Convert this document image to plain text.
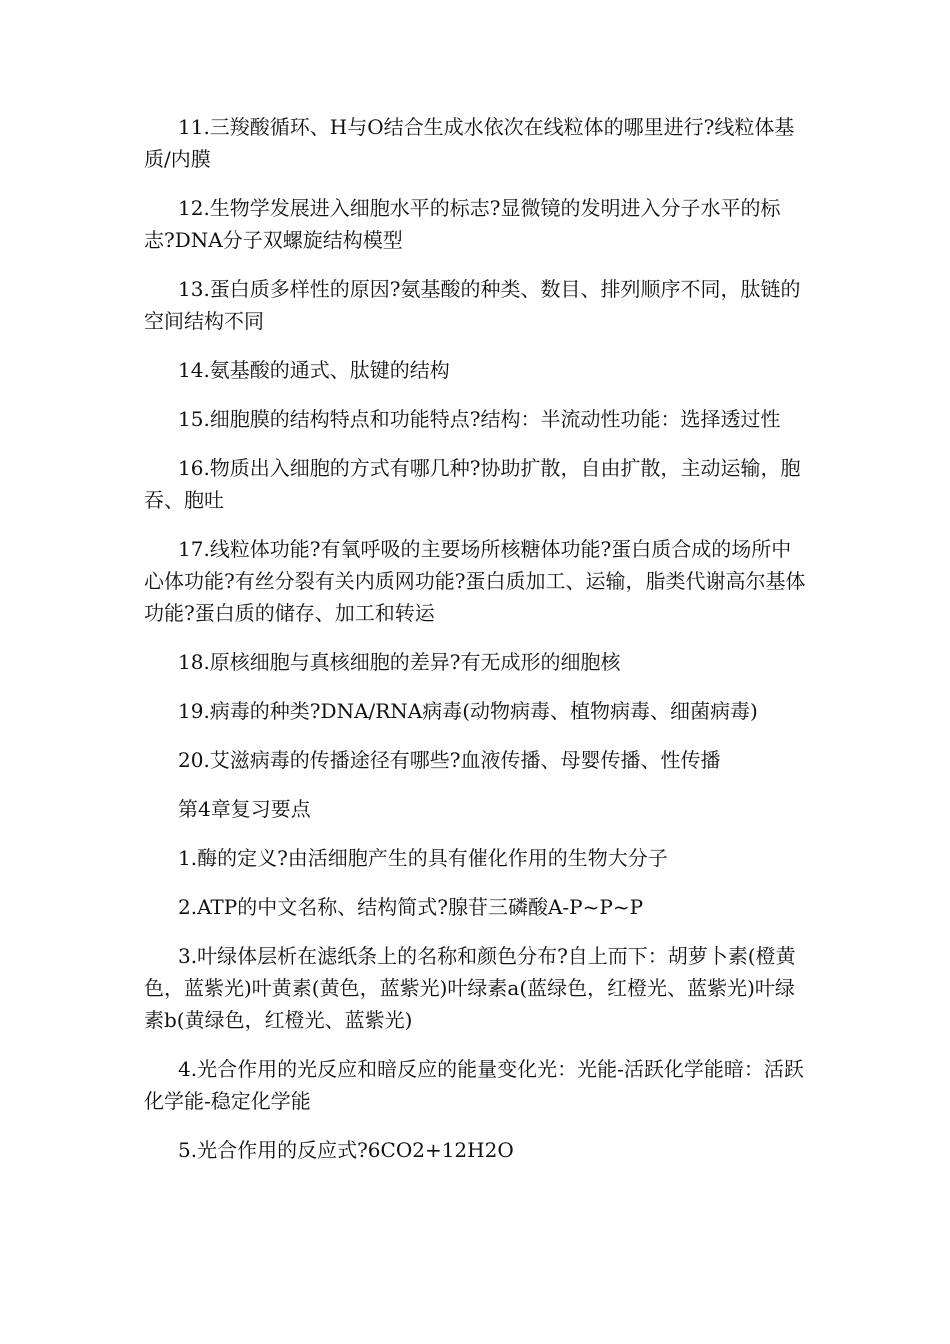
11.三羧酸循环、H与O结合生成水依次在线粒体的哪里进行?线粒体基质/内膜

12.生物学发展进入细胞水平的标志?显微镜的发明进入分子水平的标志?DNA分子双螺旋结构模型

13.蛋白质多样性的原因?氨基酸的种类、数目、排列顺序不同，肽链的空间结构不同

14.氨基酸的通式、肽键的结构

15.细胞膜的结构特点和功能特点?结构：半流动性功能：选择透过性

16.物质出入细胞的方式有哪几种?协助扩散，自由扩散，主动运输，胞吞、胞吐

17.线粒体功能?有氧呼吸的主要场所核糖体功能?蛋白质合成的场所中心体功能?有丝分裂有关内质网功能?蛋白质加工、运输，脂类代谢高尔基体功能?蛋白质的储存、加工和转运

18.原核细胞与真核细胞的差异?有无成形的细胞核

19.病毒的种类?DNA/RNA病毒(动物病毒、植物病毒、细菌病毒)

20.艾滋病毒的传播途径有哪些?血液传播、母婴传播、性传播

第4章复习要点

1.酶的定义?由活细胞产生的具有催化作用的生物大分子

2.ATP的中文名称、结构简式?腺苷三磷酸A-P~P~P

3.叶绿体层析在滤纸条上的名称和颜色分布?自上而下：胡萝卜素(橙黄色，蓝紫光)叶黄素(黄色，蓝紫光)叶绿素a(蓝绿色，红橙光、蓝紫光)叶绿素b(黄绿色，红橙光、蓝紫光)

4.光合作用的光反应和暗反应的能量变化光：光能-活跃化学能暗：活跃化学能-稳定化学能

5.光合作用的反应式?6CO2+12H2O
